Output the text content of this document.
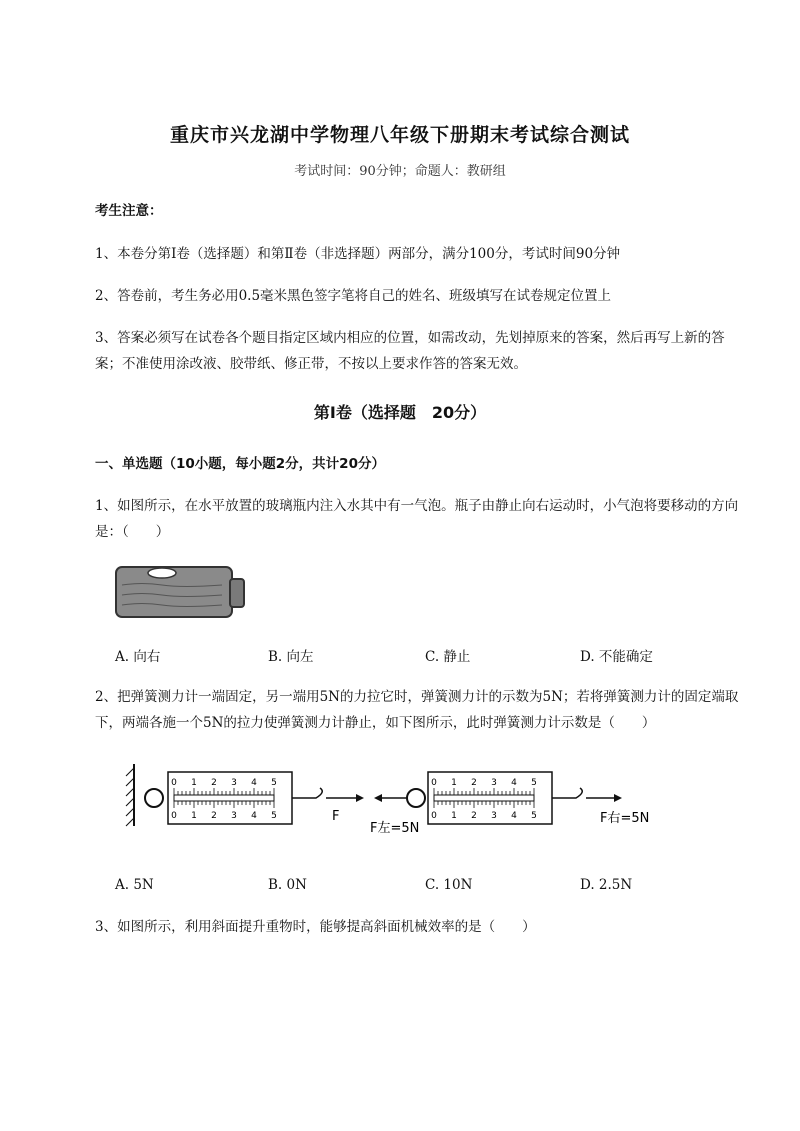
重庆市兴龙湖中学物理八年级下册期末考试综合测试
考试时间：90分钟；命题人：教研组
考生注意：
1、本卷分第I卷（选择题）和第Ⅱ卷（非选择题）两部分，满分100分，考试时间90分钟
2、答卷前，考生务必用0.5毫米黑色签字笔将自己的姓名、班级填写在试卷规定位置上
3、答案必须写在试卷各个题目指定区域内相应的位置，如需改动，先划掉原来的答案，然后再写上新的答案；不准使用涂改液、胶带纸、修正带，不按以上要求作答的答案无效。
第I卷（选择题　20分）
一、单选题（10小题，每小题2分，共计20分）
1、如图所示，在水平放置的玻璃瓶内注入水其中有一气泡。瓶子由静止向右运动时，小气泡将要移动的方向是：（　　）
A. 向右	B. 向左	C. 静止	D. 不能确定
2、把弹簧测力计一端固定，另一端用5N的力拉它时，弹簧测力计的示数为5N；若将弹簧测力计的固定端取下，两端各施一个5N的拉力使弹簧测力计静止，如下图所示，此时弹簧测力计示数是（　　）
0 1 2 3 4 5
0 1 2 3 4 5	F
0 1 2 3 4 5
0 1 2 3 4 5
F左=5N
F右=5N
A. 5N	B. 0N	C. 10N	D. 2.5N
3、如图所示，利用斜面提升重物时，能够提高斜面机械效率的是（　　）
